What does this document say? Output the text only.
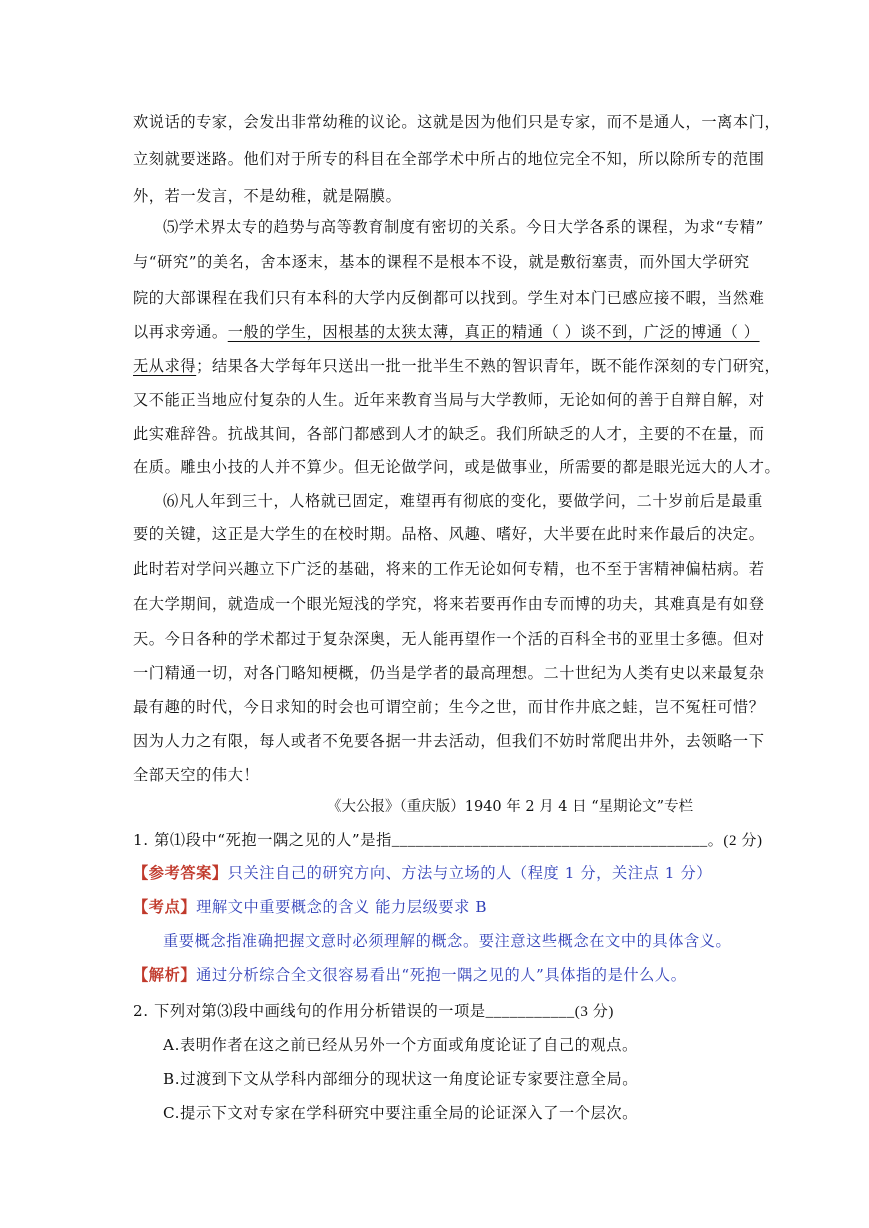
欢说话的专家，会发出非常幼稚的议论。这就是因为他们只是专家，而不是通人，一离本门，
立刻就要迷路。他们对于所专的科目在全部学术中所占的地位完全不知，所以除所专的范围
外，若一发言，不是幼稚，就是隔膜。
⑸学术界太专的趋势与高等教育制度有密切的关系。今日大学各系的课程，为求“专精”
与“研究”的美名，舍本逐末，基本的课程不是根本不设，就是敷衍塞责，而外国大学研究
院的大部课程在我们只有本科的大学内反倒都可以找到。学生对本门已感应接不暇，当然难
以再求旁通。一般的学生，因根基的太狭太薄，真正的精通（ ）谈不到，广泛的博通（ ）
无从求得；结果各大学每年只送出一批一批半生不熟的智识青年，既不能作深刻的专门研究，
又不能正当地应付复杂的人生。近年来教育当局与大学教师，无论如何的善于自辩自解，对
此实难辞咎。抗战其间，各部门都感到人才的缺乏。我们所缺乏的人才，主要的不在量，而
在质。雕虫小技的人并不算少。但无论做学问，或是做事业，所需要的都是眼光远大的人才。
⑹凡人年到三十，人格就已固定，难望再有彻底的变化，要做学问，二十岁前后是最重
要的关键，这正是大学生的在校时期。品格、风趣、嗜好，大半要在此时来作最后的决定。
此时若对学问兴趣立下广泛的基础，将来的工作无论如何专精，也不至于害精神偏枯病。若
在大学期间，就造成一个眼光短浅的学究，将来若要再作由专而博的功夫，其难真是有如登
天。今日各种的学术都过于复杂深奥，无人能再望作一个活的百科全书的亚里士多德。但对
一门精通一切，对各门略知梗概，仍当是学者的最高理想。二十世纪为人类有史以来最复杂
最有趣的时代，今日求知的时会也可谓空前；生今之世，而甘作井底之蛙，岂不冤枉可惜？
因为人力之有限，每人或者不免要各据一井去活动，但我们不妨时常爬出井外，去领略一下
全部天空的伟大！
《大公报》（重庆版）1940 年 2 月 4 日 “星期论文”专栏
1. 第⑴段中“死抱一隅之见的人”是指_______________________________________。(2 分)
【参考答案】只关注自己的研究方向、方法与立场的人（程度 1 分，关注点 1 分）
【考点】理解文中重要概念的含义 能力层级要求 B
重要概念指准确把握文意时必须理解的概念。要注意这些概念在文中的具体含义。
【解析】通过分析综合全文很容易看出“死抱一隅之见的人”具体指的是什么人。
2. 下列对第⑶段中画线句的作用分析错误的一项是___________(3 分)
A.表明作者在这之前已经从另外一个方面或角度论证了自己的观点。
B.过渡到下文从学科内部细分的现状这一角度论证专家要注意全局。
C.提示下文对专家在学科研究中要注重全局的论证深入了一个层次。
